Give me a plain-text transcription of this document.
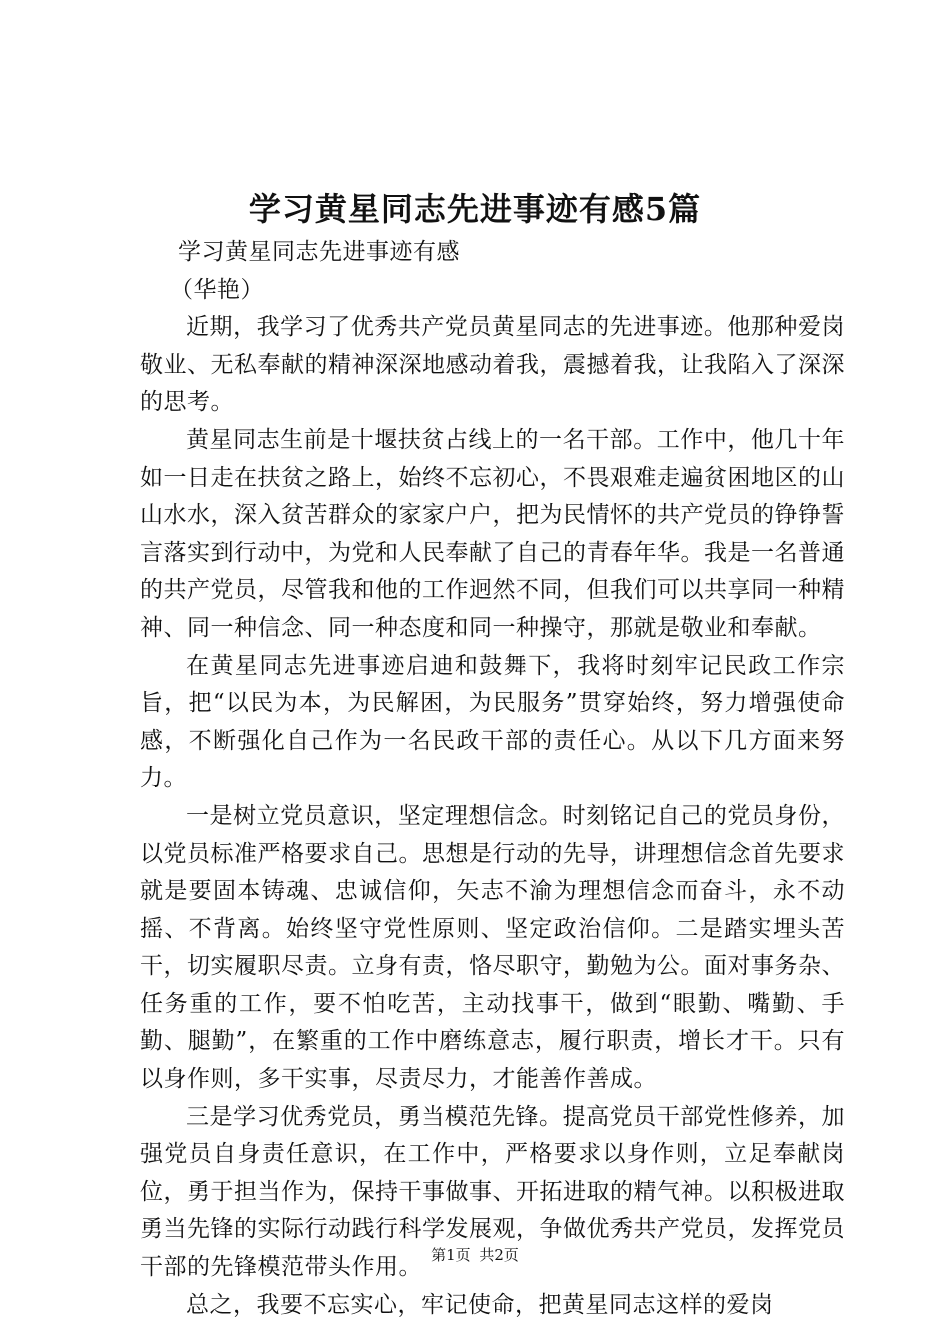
学习黄星同志先进事迹有感5篇

学习黄星同志先进事迹有感

（华艳）

近期，我学习了优秀共产党员黄星同志的先进事迹。他那种爱岗敬业、无私奉献的精神深深地感动着我，震撼着我，让我陷入了深深的思考。

黄星同志生前是十堰扶贫占线上的一名干部。工作中，他几十年如一日走在扶贫之路上，始终不忘初心，不畏艰难走遍贫困地区的山山水水，深入贫苦群众的家家户户，把为民情怀的共产党员的铮铮誓言落实到行动中，为党和人民奉献了自己的青春年华。我是一名普通的共产党员，尽管我和他的工作迥然不同，但我们可以共享同一种精神、同一种信念、同一种态度和同一种操守，那就是敬业和奉献。

在黄星同志先进事迹启迪和鼓舞下，我将时刻牢记民政工作宗旨，把“以民为本，为民解困，为民服务”贯穿始终，努力增强使命感，不断强化自己作为一名民政干部的责任心。从以下几方面来努力。

一是树立党员意识，坚定理想信念。时刻铭记自己的党员身份，以党员标准严格要求自己。思想是行动的先导，讲理想信念首先要求就是要固本铸魂、忠诚信仰，矢志不渝为理想信念而奋斗，永不动摇、不背离。始终坚守党性原则、坚定政治信仰。二是踏实埋头苦干，切实履职尽责。立身有责，恪尽职守，勤勉为公。面对事务杂、任务重的工作，要不怕吃苦，主动找事干，做到“眼勤、嘴勤、手勤、腿勤”，在繁重的工作中磨练意志，履行职责，增长才干。只有以身作则，多干实事，尽责尽力，才能善作善成。

三是学习优秀党员，勇当模范先锋。提高党员干部党性修养，加强党员自身责任意识，在工作中，严格要求以身作则，立足奉献岗位，勇于担当作为，保持干事做事、开拓进取的精气神。以积极进取勇当先锋的实际行动践行科学发展观，争做优秀共产党员，发挥党员干部的先锋模范带头作用。

总之，我要不忘实心，牢记使命，把黄星同志这样的爱岗

第1页 共2页
